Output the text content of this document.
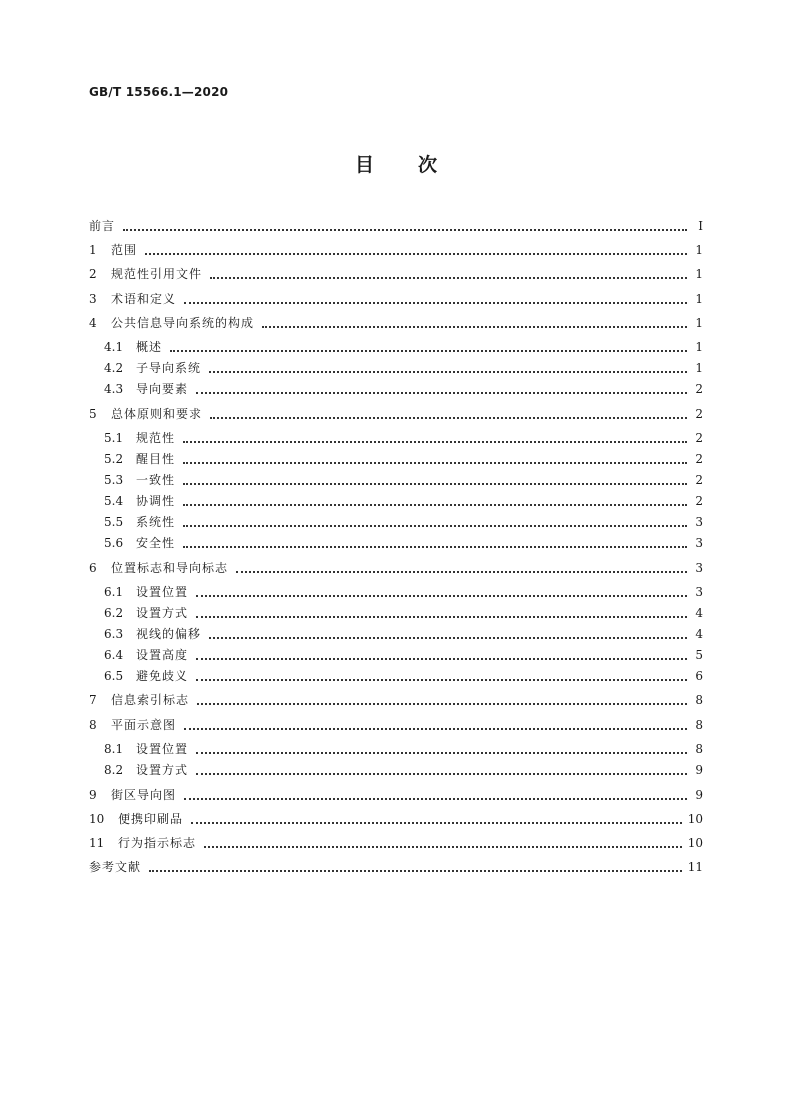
GB/T 15566.1—2020
目 次
前言	Ⅰ
1	范围	1
2	规范性引用文件	1
3	术语和定义	1
4	公共信息导向系统的构成	1
4.1	概述	1
4.2	子导向系统	1
4.3	导向要素	2
5	总体原则和要求	2
5.1	规范性	2
5.2	醒目性	2
5.3	一致性	2
5.4	协调性	2
5.5	系统性	3
5.6	安全性	3
6	位置标志和导向标志	3
6.1	设置位置	3
6.2	设置方式	4
6.3	视线的偏移	4
6.4	设置高度	5
6.5	避免歧义	6
7	信息索引标志	8
8	平面示意图	8
8.1	设置位置	8
8.2	设置方式	9
9	街区导向图	9
10	便携印刷品	10
11	行为指示标志	10
参考文献	11
